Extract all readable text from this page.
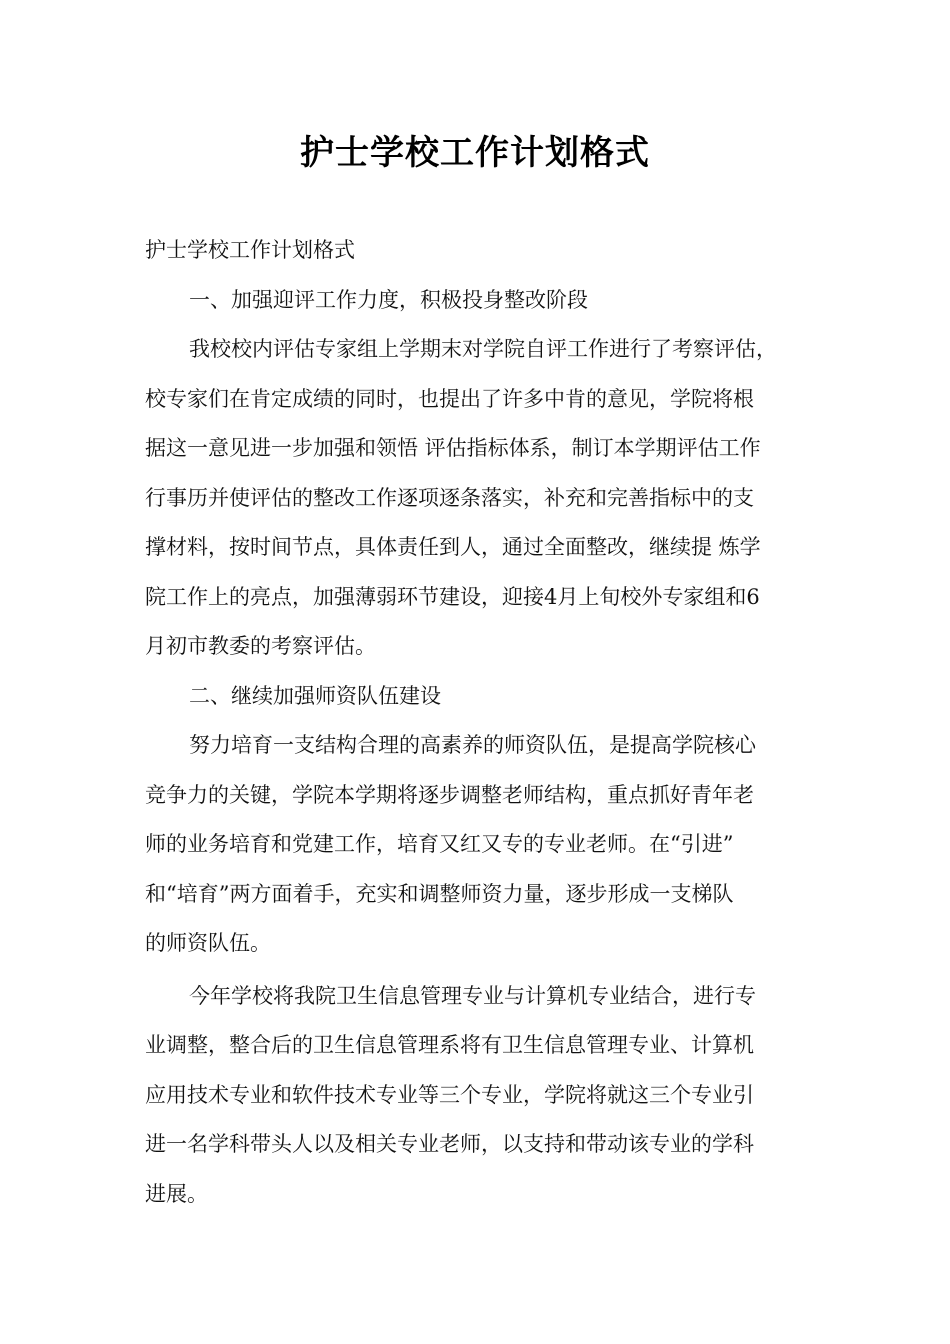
护士学校工作计划格式
护士学校工作计划格式
一、加强迎评工作力度，积极投身整改阶段
我校校内评估专家组上学期末对学院自评工作进行了考察评估，
校专家们在肯定成绩的同时，也提出了许多中肯的意见，学院将根
据这一意见进一步加强和领悟 评估指标体系，制订本学期评估工作
行事历并使评估的整改工作逐项逐条落实，补充和完善指标中的支
撑材料，按时间节点，具体责任到人，通过全面整改，继续提 炼学
院工作上的亮点，加强薄弱环节建设，迎接4月上旬校外专家组和6
月初市教委的考察评估。
二、继续加强师资队伍建设
努力培育一支结构合理的高素养的师资队伍，是提高学院核心
竞争力的关键，学院本学期将逐步调整老师结构，重点抓好青年老
师的业务培育和党建工作，培育又红又专的专业老师。在“引进”
和“培育”两方面着手，充实和调整师资力量，逐步形成一支梯队
的师资队伍。
今年学校将我院卫生信息管理专业与计算机专业结合，进行专
业调整，整合后的卫生信息管理系将有卫生信息管理专业、计算机
应用技术专业和软件技术专业等三个专业，学院将就这三个专业引
进一名学科带头人以及相关专业老师，以支持和带动该专业的学科
进展。
